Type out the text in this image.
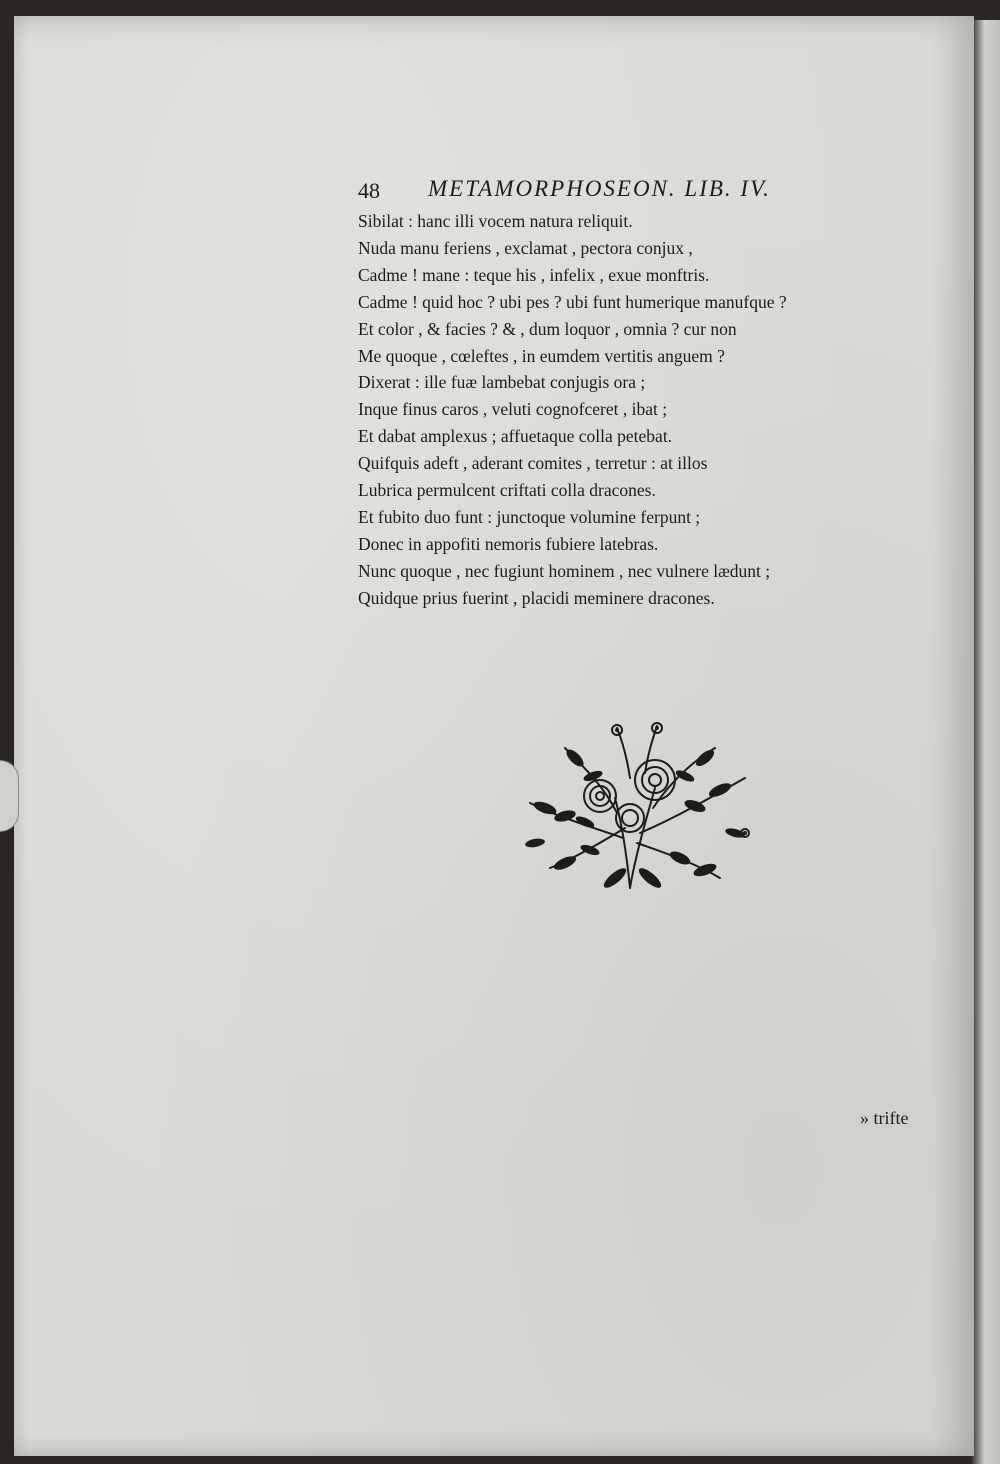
48 METAMORPHOSEON. LIB. IV.
Sibilat : hanc illi vocem natura reliquit.
Nuda manu feriens , exclamat , pectora conjux ,
Cadme ! mane : teque his , infelix , exue monftris.
Cadme ! quid hoc ? ubi pes ? ubi funt humerique manufque ?
Et color , & facies ? & , dum loquor , omnia ? cur non
Me quoque , cœleftes , in eumdem vertitis anguem ?
Dixerat : ille fuæ lambebat conjugis ora ;
Inque finus caros , veluti cognofceret , ibat ;
Et dabat amplexus ; affuetaque colla petebat.
Quifquis adeft , aderant comites , terretur : at illos
Lubrica permulcent criftati colla dracones.
Et fubito duo funt : junctoque volumine ferpunt ;
Donec in appofiti nemoris fubiere latebras.
Nunc quoque , nec fugiunt hominem , nec vulnere lædunt ;
Quidque prius fuerint , placidi meminere dracones.
» trifte
